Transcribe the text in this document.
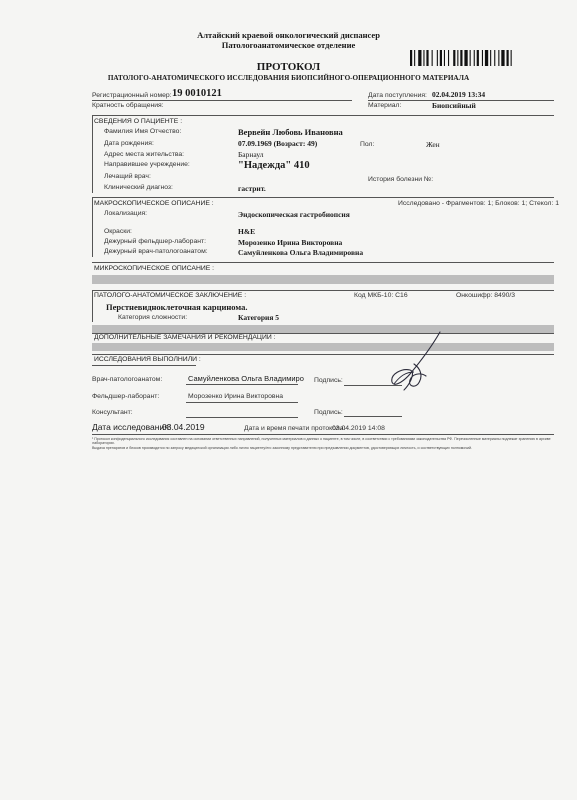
Алтайский краевой онкологический диспансер
Патологоанатомическое отделение
ПРОТОКОЛ
ПАТОЛОГО-АНАТОМИЧЕСКОГО ИССЛЕДОВАНИЯ БИОПСИЙНОГО-ОПЕРАЦИОННОГО МАТЕРИАЛА
Регистрационный номер: 19 0010121
Кратность обращения:
Дата поступления: 02.04.2019 13:34
Материал:	Биопсийный
СВЕДЕНИЯ О ПАЦИЕНТЕ :
Фамилия Имя Отчество:	Вервейн Любовь Ивановна
Дата рождения:	07.09.1969 (Возраст: 49)	Пол:	Жен
Адрес места жительства:	Барнаул
Направившее учреждение:	"Надежда" 410
Лечащий врач:	История болезни №:
Клинический диагноз:	гастрит.
МАКРОСКОПИЧЕСКОЕ ОПИСАНИЕ :	Исследовано - Фрагментов: 1; Блоков: 1; Стекол: 1
Локализация:	Эндоскопическая гастробиопсия
Окраски:	H&E
Дежурный фельдшер-лаборант:	Морозенко Ирина Викторовна
Дежурный врач-патологоанатом:	Самуйленкова Ольга Владимировна
МИКРОСКОПИЧЕСКОЕ ОПИСАНИЕ :
ПАТОЛОГО-АНАТОМИЧЕСКОЕ ЗАКЛЮЧЕНИЕ :	Код МКБ-10: C16	Онкошифр: 8490/3
Перстневидноклеточная карцинома.
Категория сложности:	Категория 5
ДОПОЛНИТЕЛЬНЫЕ ЗАМЕЧАНИЯ И РЕКОМЕНДАЦИИ :
ИССЛЕДОВАНИЯ ВЫПОЛНИЛИ :
Врач-патологоанатом:	Самуйленкова Ольга Владимиро Подпись:
Фельдшер-лаборант:	Морозенко Ирина Викторовна
Консультант:	Подпись:
Дата исследования:
03.04.2019	Дата и время печати протокола:
03.04.2019 14:08
¹ Протокол конфиденциального исследования составлен на основании ответственных направлений, полученных материалов и данных о пациенте, в том числе, в соответствии с требованиями законодательства РФ. Перечисленные материалы подлежат хранению в архиве лаборатории.
Выдача препаратов и блоков производится по запросу медицинской организации либо лично пациенту/его законному представителю при предъявлении документов, удостоверяющих личность, и соответствующих полномочий.
